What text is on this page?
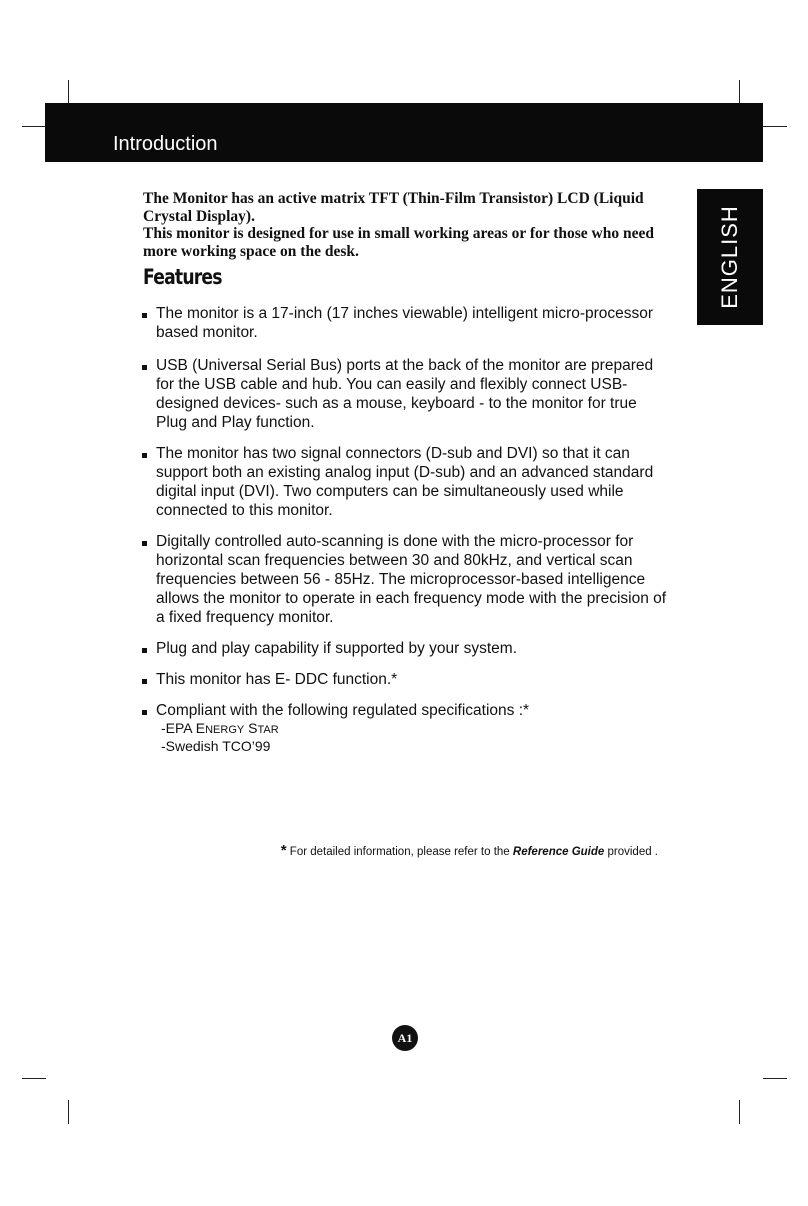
Introduction
ENGLISH

The Monitor has an active matrix TFT (Thin-Film Transistor) LCD (Liquid Crystal Display).

This monitor is designed for use in small working areas or for those who need more working space on the desk.

Features
The monitor is a 17-inch (17 inches viewable) intelligent micro-processor based monitor.
USB (Universal Serial Bus) ports at the back of the monitor are prepared for the USB cable and hub. You can easily and flexibly connect USB-designed devices- such as a mouse, keyboard - to the monitor for true Plug and Play function.
The monitor has two signal connectors (D-sub and DVI) so that it can support both an existing analog input (D-sub) and an advanced standard digital input (DVI). Two computers can be simultaneously used while connected to this monitor.
Digitally controlled auto-scanning is done with the micro-processor for horizontal scan frequencies between 30 and 80kHz, and vertical scan frequencies between 56 - 85Hz. The microprocessor-based intelligence allows the monitor to operate in each frequency mode with the precision of a fixed frequency monitor.
Plug and play capability if supported by your system.
This monitor has E- DDC function.*
Compliant with the following regulated specifications :*
-EPA ENERGY STAR
-Swedish TCO’99
* For detailed information, please refer to the Reference Guide provided .
A1
